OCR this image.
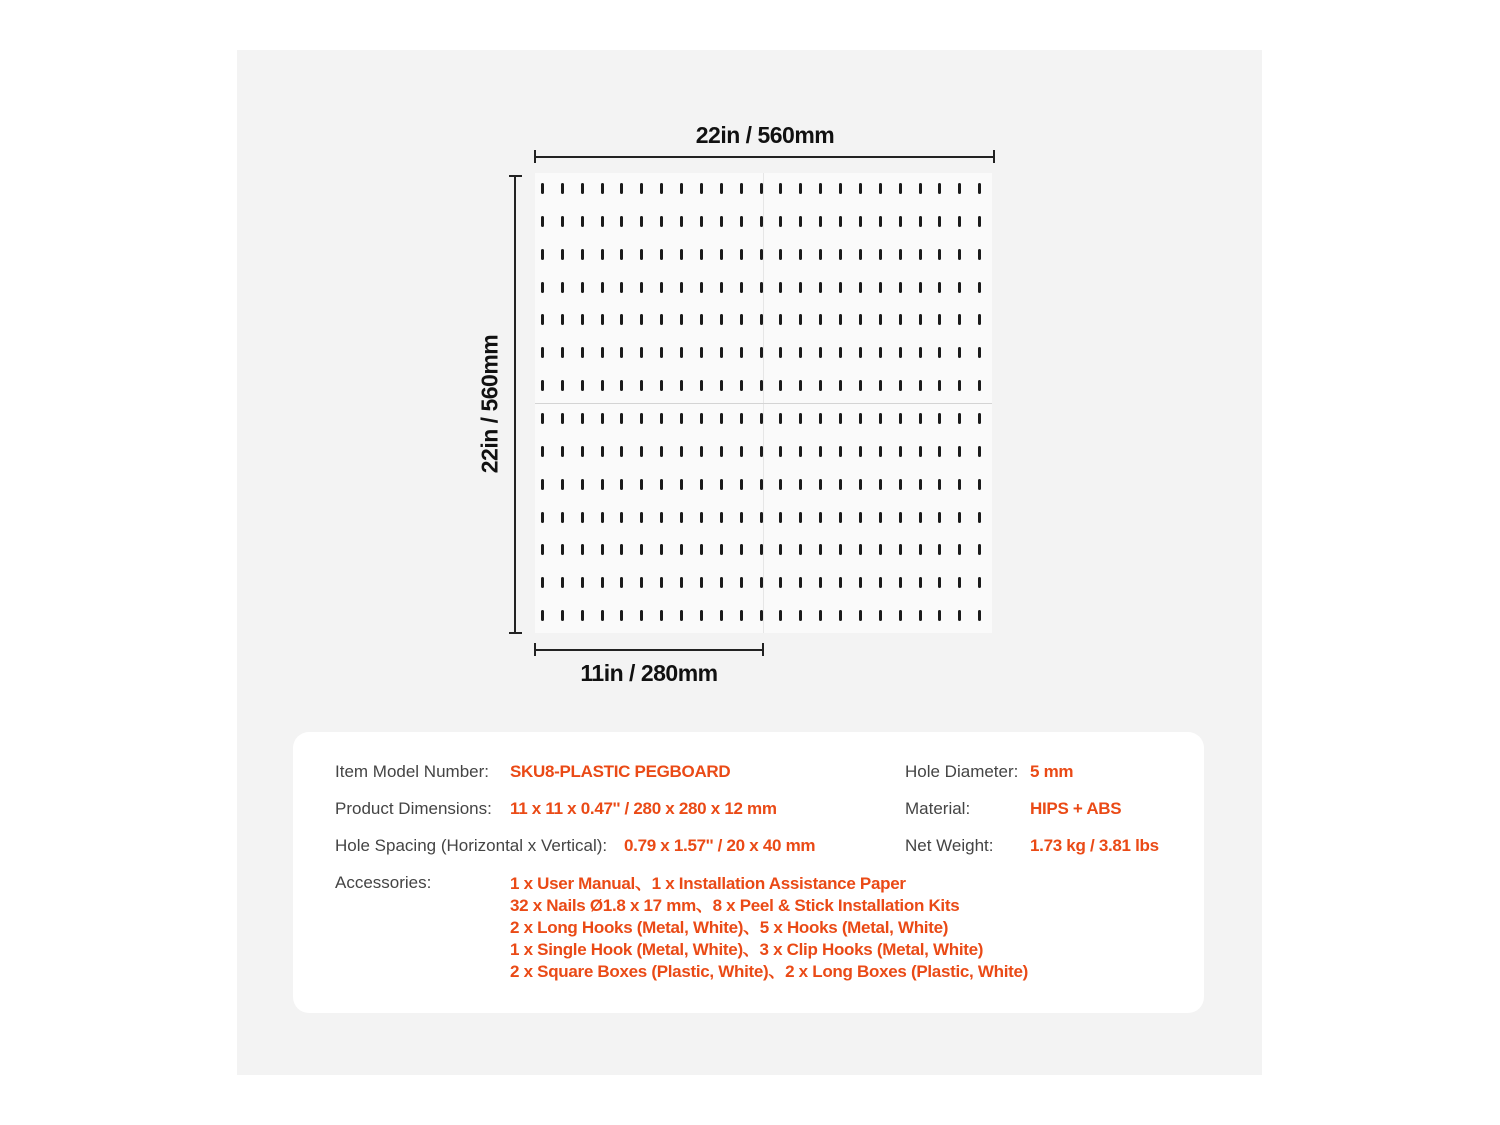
22in / 560mm
22in / 560mm
11in / 280mm
Item Model Number: SKU8-PLASTIC PEGBOARD
Product Dimensions: 11 x 11 x 0.47'' / 280 x 280 x 12 mm
Hole Spacing (Horizontal x Vertical): 0.79 x 1.57'' / 20 x 40 mm
Hole Diameter: 5 mm
Material:	HIPS + ABS
Net Weight: 1.73 kg / 3.81 lbs
Accessories:	1 x User Manual、1 x Installation Assistance Paper
32 x Nails Ø1.8 x 17 mm、8 x Peel & Stick Installation Kits
2 x Long Hooks (Metal, White)、5 x Hooks (Metal, White)
1 x Single Hook (Metal, White)、3 x Clip Hooks (Metal, White)
2 x Square Boxes (Plastic, White)、2 x Long Boxes (Plastic, White)
